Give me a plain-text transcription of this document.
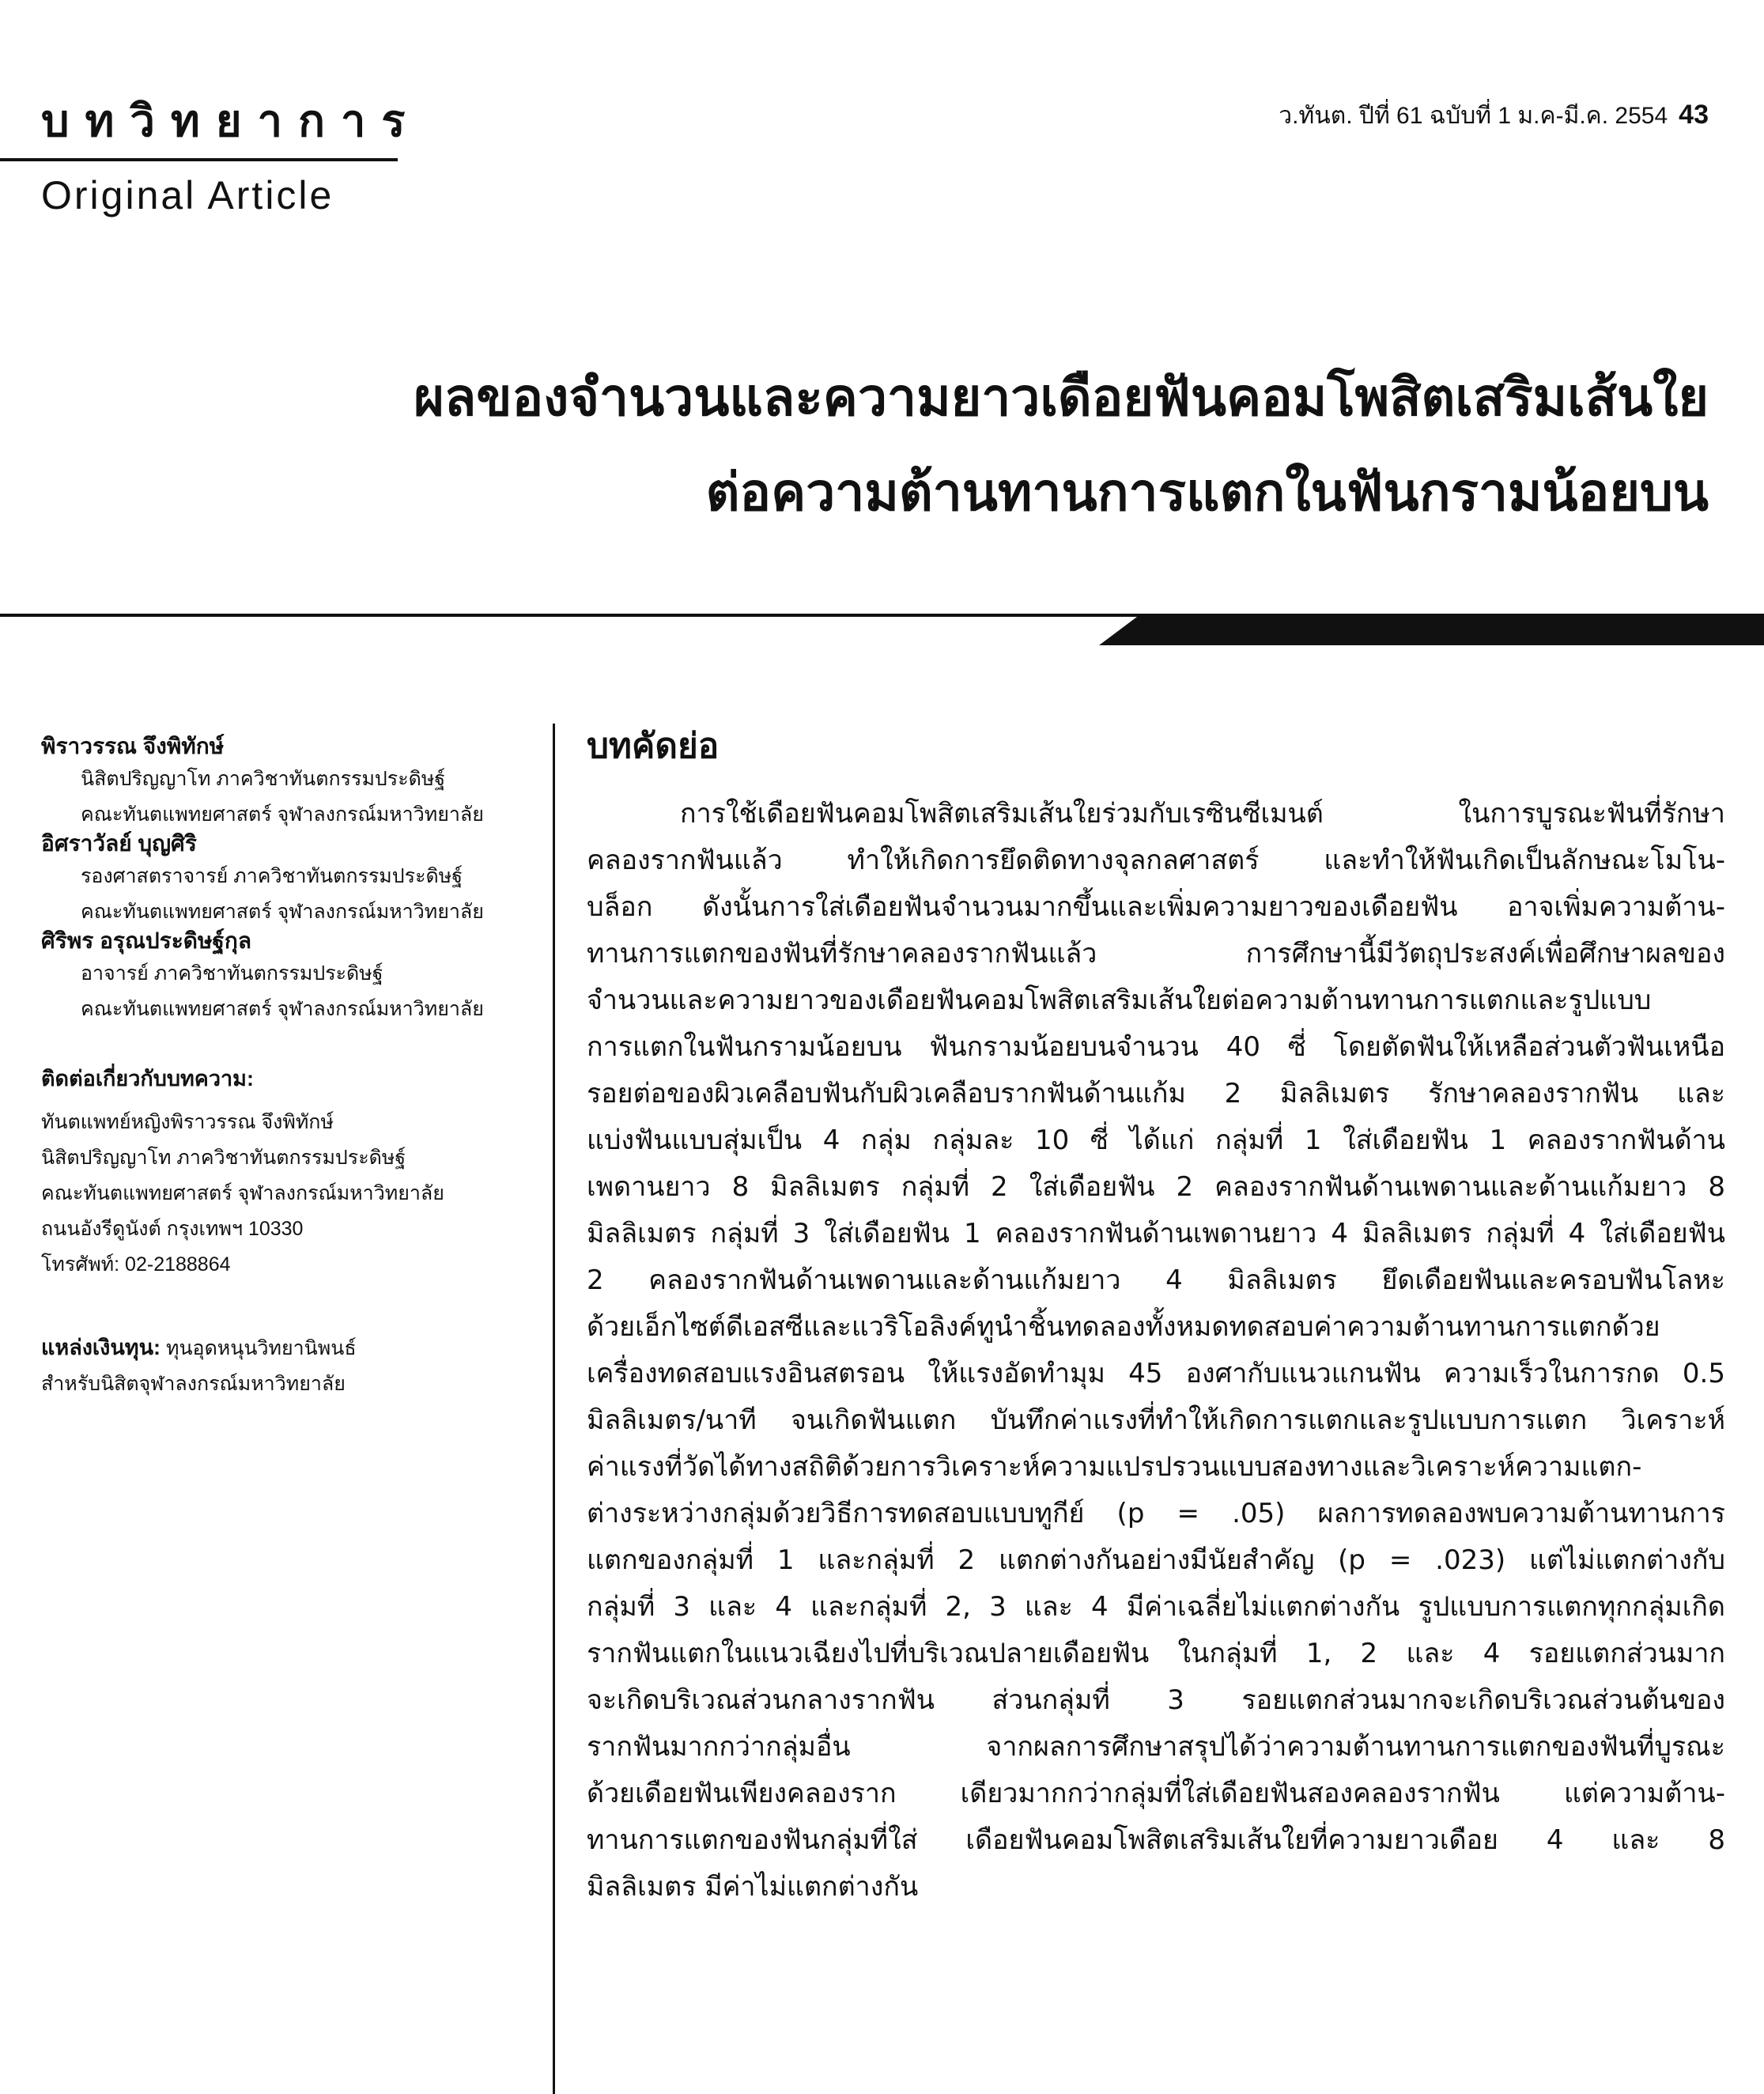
บทวิทยาการ
Original Article
ว.ทันต. ปีที่ 61 ฉบับที่ 1 ม.ค-มี.ค. 2554 43
ผลของจำนวนและความยาวเดือยฟันคอมโพสิตเสริมเส้นใย
ต่อความต้านทานการแตกในฟันกรามน้อยบน
พิราวรรณ จึงพิทักษ์
นิสิตปริญญาโท ภาควิชาทันตกรรมประดิษฐ์
คณะทันตแพทยศาสตร์ จุฬาลงกรณ์มหาวิทยาลัย
อิศราวัลย์ บุญศิริ
รองศาสตราจารย์ ภาควิชาทันตกรรมประดิษฐ์
คณะทันตแพทยศาสตร์ จุฬาลงกรณ์มหาวิทยาลัย
ศิริพร อรุณประดิษฐ์กุล
อาจารย์ ภาควิชาทันตกรรมประดิษฐ์
คณะทันตแพทยศาสตร์ จุฬาลงกรณ์มหาวิทยาลัย
ติดต่อเกี่ยวกับบทความ:
ทันตแพทย์หญิงพิราวรรณ จึงพิทักษ์
นิสิตปริญญาโท ภาควิชาทันตกรรมประดิษฐ์
คณะทันตแพทยศาสตร์ จุฬาลงกรณ์มหาวิทยาลัย
ถนนอังรีดูนังต์ กรุงเทพฯ 10330
โทรศัพท์: 02-2188864
แหล่งเงินทุน: ทุนอุดหนุนวิทยานิพนธ์
สำหรับนิสิตจุฬาลงกรณ์มหาวิทยาลัย
บทคัดย่อ
การใช้เดือยฟันคอมโพสิตเสริมเส้นใยร่วมกับเรซินซีเมนต์ ในการบูรณะฟันที่รักษา
คลองรากฟันแล้ว ทำให้เกิดการยึดติดทางจุลกลศาสตร์ และทำให้ฟันเกิดเป็นลักษณะโมโน-
บล็อก ดังนั้นการใส่เดือยฟันจำนวนมากขึ้นและเพิ่มความยาวของเดือยฟัน อาจเพิ่มความต้าน-
ทานการแตกของฟันที่รักษาคลองรากฟันแล้ว การศึกษานี้มีวัตถุประสงค์เพื่อศึกษาผลของ
จำนวนและความยาวของเดือยฟันคอมโพสิตเสริมเส้นใยต่อความต้านทานการแตกและรูปแบบ
การแตกในฟันกรามน้อยบน ฟันกรามน้อยบนจำนวน 40 ซี่ โดยตัดฟันให้เหลือส่วนตัวฟันเหนือ
รอยต่อของผิวเคลือบฟันกับผิวเคลือบรากฟันด้านแก้ม 2 มิลลิเมตร รักษาคลองรากฟัน และ
แบ่งฟันแบบสุ่มเป็น 4 กลุ่ม กลุ่มละ 10 ซี่ ได้แก่ กลุ่มที่ 1 ใส่เดือยฟัน 1 คลองรากฟันด้าน
เพดานยาว 8 มิลลิเมตร กลุ่มที่ 2 ใส่เดือยฟัน 2 คลองรากฟันด้านเพดานและด้านแก้มยาว 8
มิลลิเมตร กลุ่มที่ 3 ใส่เดือยฟัน 1 คลองรากฟันด้านเพดานยาว 4 มิลลิเมตร กลุ่มที่ 4 ใส่เดือยฟัน
2 คลองรากฟันด้านเพดานและด้านแก้มยาว 4 มิลลิเมตร ยึดเดือยฟันและครอบฟันโลหะ
ด้วยเอ็กไซต์ดีเอสซีและแวริโอลิงค์ทูนำชิ้นทดลองทั้งหมดทดสอบค่าความต้านทานการแตกด้วย
เครื่องทดสอบแรงอินสตรอน ให้แรงอัดทำมุม 45 องศากับแนวแกนฟัน ความเร็วในการกด 0.5
มิลลิเมตร/นาที จนเกิดฟันแตก บันทึกค่าแรงที่ทำให้เกิดการแตกและรูปแบบการแตก วิเคราะห์
ค่าแรงที่วัดได้ทางสถิติด้วยการวิเคราะห์ความแปรปรวนแบบสองทางและวิเคราะห์ความแตก-
ต่างระหว่างกลุ่มด้วยวิธีการทดสอบแบบทูกีย์ (p = .05) ผลการทดลองพบความต้านทานการ
แตกของกลุ่มที่ 1 และกลุ่มที่ 2 แตกต่างกันอย่างมีนัยสำคัญ (p = .023) แต่ไม่แตกต่างกับ
กลุ่มที่ 3 และ 4 และกลุ่มที่ 2, 3 และ 4 มีค่าเฉลี่ยไม่แตกต่างกัน รูปแบบการแตกทุกกลุ่มเกิด
รากฟันแตกในแนวเฉียงไปที่บริเวณปลายเดือยฟัน ในกลุ่มที่ 1, 2 และ 4 รอยแตกส่วนมาก
จะเกิดบริเวณส่วนกลางรากฟัน ส่วนกลุ่มที่ 3 รอยแตกส่วนมากจะเกิดบริเวณส่วนต้นของ
รากฟันมากกว่ากลุ่มอื่น จากผลการศึกษาสรุปได้ว่าความต้านทานการแตกของฟันที่บูรณะ
ด้วยเดือยฟันเพียงคลองราก เดียวมากกว่ากลุ่มที่ใส่เดือยฟันสองคลองรากฟัน แต่ความต้าน-
ทานการแตกของฟันกลุ่มที่ใส่ เดือยฟันคอมโพสิตเสริมเส้นใยที่ความยาวเดือย 4 และ 8
มิลลิเมตร มีค่าไม่แตกต่างกัน
